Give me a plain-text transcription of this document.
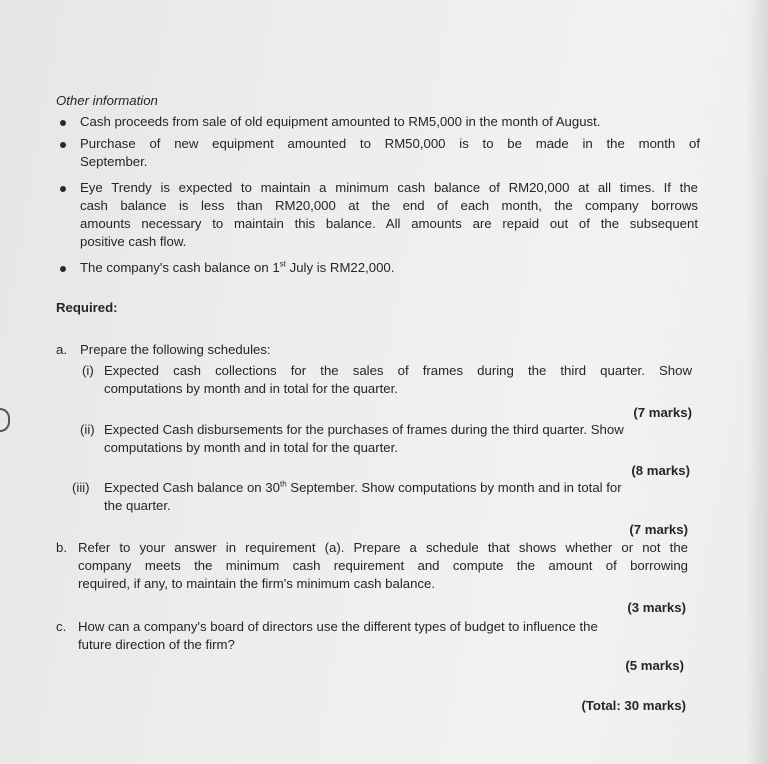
Other information
Cash proceeds from sale of old equipment amounted to RM5,000 in the month of August.
Purchase of new equipment amounted to RM50,000 is to be made in the month of
September.
Eye Trendy is expected to maintain a minimum cash balance of RM20,000 at all times. If the
cash balance is less than RM20,000 at the end of each month, the company borrows
amounts necessary to maintain this balance. All amounts are repaid out of the subsequent
positive cash flow.
The company's cash balance on 1st July is RM22,000.
Required:
a. Prepare the following schedules:
(i) Expected cash collections for the sales of frames during the third quarter. Show
computations by month and in total for the quarter.
(7 marks)
(ii) Expected Cash disbursements for the purchases of frames during the third quarter. Show
computations by month and in total for the quarter.
(8 marks)
(iii) Expected Cash balance on 30th September. Show computations by month and in total for
the quarter.
(7 marks)
b. Refer to your answer in requirement (a). Prepare a schedule that shows whether or not the
company meets the minimum cash requirement and compute the amount of borrowing
required, if any, to maintain the firm's minimum cash balance.
(3 marks)
c. How can a company's board of directors use the different types of budget to influence the
future direction of the firm?
(5 marks)
(Total: 30 marks)
